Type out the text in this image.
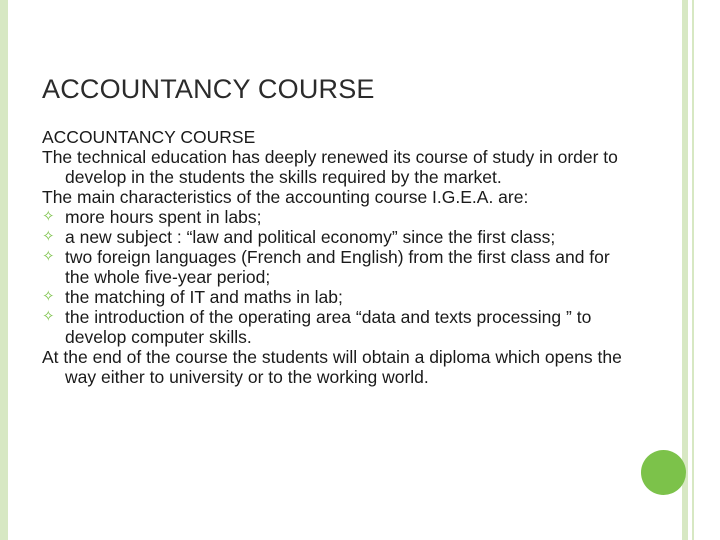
ACCOUNTANCY COURSE

ACCOUNTANCY COURSE

The technical education has deeply renewed its course of study in order to develop in the students the skills required by the market.

The main characteristics of the accounting course I.G.E.A. are:

✧ more hours spent in labs;
✧ a new subject : “law and political economy” since the first class;
✧ two foreign languages (French and English) from the first class and for the whole five-year period;
✧ the matching of IT and maths in lab;
✧ the introduction of the operating area “data and texts processing ” to develop computer skills.

At the end of the course the students will obtain a diploma which opens the way either to university or to the working world.
